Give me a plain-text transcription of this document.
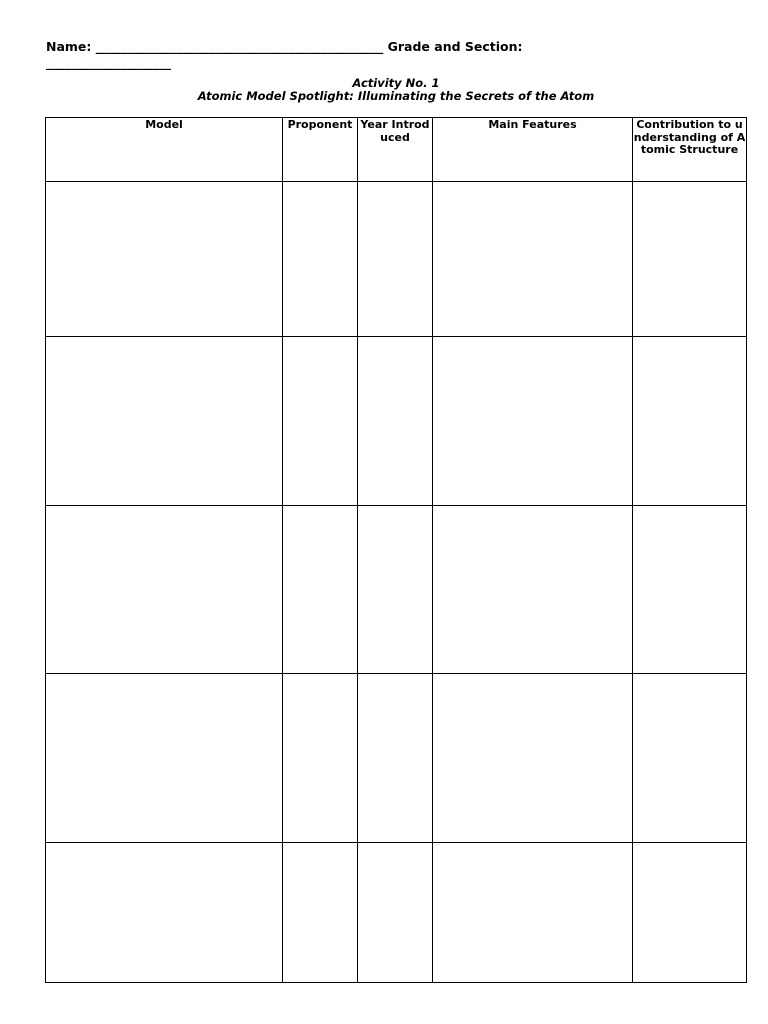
Name: ______________________________________________ Grade and Section:
____________________
Activity No. 1
Atomic Model Spotlight: Illuminating the Secrets of the Atom
Model	Proponent	Year Introduced	Main Features	Contribution to understanding of Atomic Structure
